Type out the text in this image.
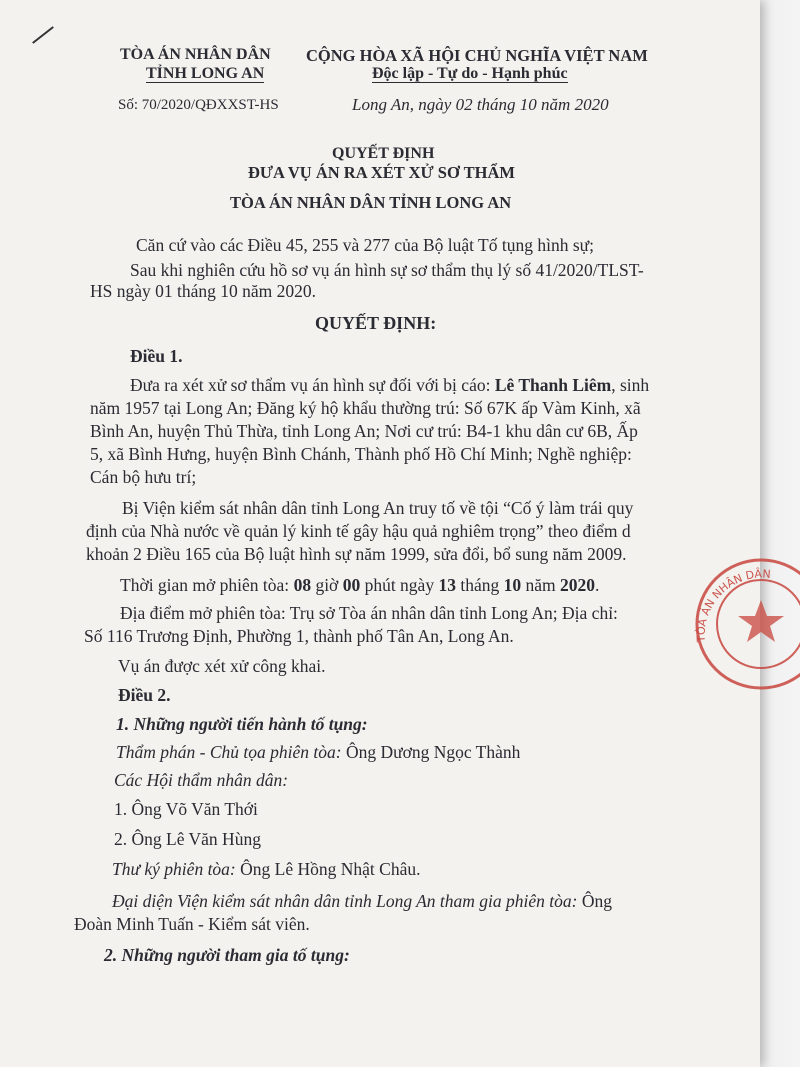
TÒA ÁN NHÂN DÂN
TỈNH LONG AN
CỘNG HÒA XÃ HỘI CHỦ NGHĨA VIỆT NAM
Độc lập - Tự do - Hạnh phúc
Số: 70/2020/QĐXXST-HS	Long An, ngày 02 tháng 10 năm 2020
QUYẾT ĐỊNH
ĐƯA VỤ ÁN RA XÉT XỬ SƠ THẨM
TÒA ÁN NHÂN DÂN TỈNH LONG AN
Căn cứ vào các Điều 45, 255 và 277 của Bộ luật Tố tụng hình sự;
Sau khi nghiên cứu hồ sơ vụ án hình sự sơ thẩm thụ lý số 41/2020/TLST-
HS ngày 01 tháng 10 năm 2020.
QUYẾT ĐỊNH:
Điều 1.
Đưa ra xét xử sơ thẩm vụ án hình sự đối với bị cáo: Lê Thanh Liêm, sinh
năm 1957 tại Long An; Đăng ký hộ khẩu thường trú: Số 67K ấp Vàm Kinh, xã
Bình An, huyện Thủ Thừa, tỉnh Long An; Nơi cư trú: B4-1 khu dân cư 6B, Ấp
5, xã Bình Hưng, huyện Bình Chánh, Thành phố Hồ Chí Minh; Nghề nghiệp:
Cán bộ hưu trí;
Bị Viện kiểm sát nhân dân tỉnh Long An truy tố về tội “Cố ý làm trái quy
định của Nhà nước về quản lý kinh tế gây hậu quả nghiêm trọng” theo điểm d
khoản 2 Điều 165 của Bộ luật hình sự năm 1999, sửa đổi, bổ sung năm 2009.
Thời gian mở phiên tòa: 08 giờ 00 phút ngày 13 tháng 10 năm 2020.
Địa điểm mở phiên tòa: Trụ sở Tòa án nhân dân tỉnh Long An; Địa chỉ:
Số 116 Trương Định, Phường 1, thành phố Tân An, Long An.
Vụ án được xét xử công khai.
Điều 2.
1. Những người tiến hành tố tụng:
Thẩm phán - Chủ tọa phiên tòa: Ông Dương Ngọc Thành
Các Hội thẩm nhân dân:
1. Ông Võ Văn Thới
2. Ông Lê Văn Hùng
Thư ký phiên tòa: Ông Lê Hồng Nhật Châu.
Đại diện Viện kiểm sát nhân dân tỉnh Long An tham gia phiên tòa: Ông
Đoàn Minh Tuấn - Kiểm sát viên.
2. Những người tham gia tố tụng:
TÒA ÁN NHÂN DÂN
